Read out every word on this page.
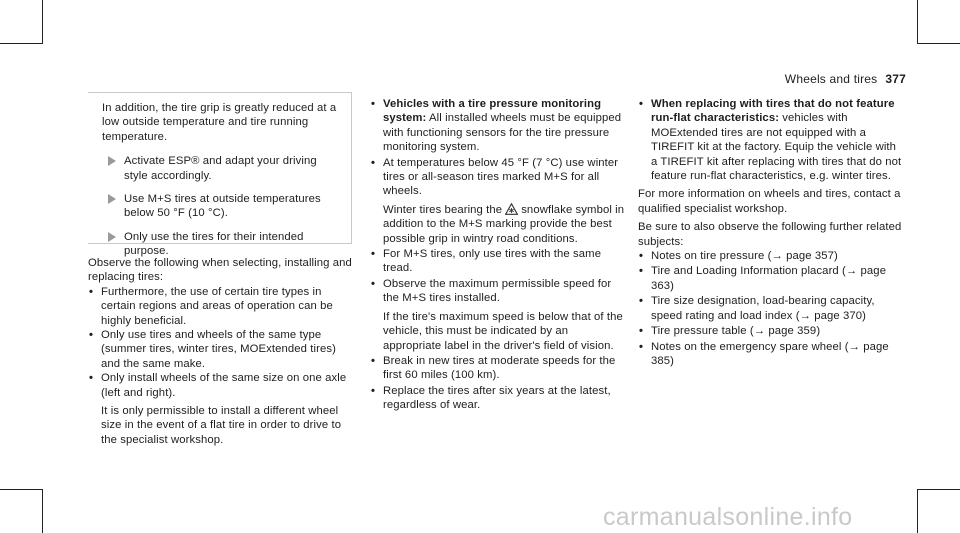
Wheels and tires 377

In addition, the tire grip is greatly reduced at a low outside temperature and tire running temperature.

Activate ESP® and adapt your driving style accordingly.
Use M+S tires at outside temperatures below 50 °F (10 °C).
Only use the tires for their intended purpose.

Observe the following when selecting, installing and replacing tires:

• Furthermore, the use of certain tire types in certain regions and areas of operation can be highly beneficial.
• Only use tires and wheels of the same type (summer tires, winter tires, MOExtended tires) and the same make.
• Only install wheels of the same size on one axle (left and right).
It is only permissible to install a different wheel size in the event of a flat tire in order to drive to the specialist workshop.
• Vehicles with a tire pressure monitoring system: All installed wheels must be equipped with functioning sensors for the tire pressure monitoring system.
• At temperatures below 45 °F (7 °C) use winter tires or all-season tires marked M+S for all wheels.
Winter tires bearing the snowflake symbol in addition to the M+S marking provide the best possible grip in wintry road conditions.
• For M+S tires, only use tires with the same tread.
• Observe the maximum permissible speed for the M+S tires installed.
If the tire's maximum speed is below that of the vehicle, this must be indicated by an appropriate label in the driver's field of vision.
• Break in new tires at moderate speeds for the first 60 miles (100 km).
• Replace the tires after six years at the latest, regardless of wear.
• When replacing with tires that do not feature run-flat characteristics: vehicles with MOExtended tires are not equipped with a TIREFIT kit at the factory. Equip the vehicle with a TIREFIT kit after replacing with tires that do not feature run-flat characteristics, e.g. winter tires.

For more information on wheels and tires, contact a qualified specialist workshop.

Be sure to also observe the following further related subjects:

• Notes on tire pressure (→ page 357)
• Tire and Loading Information placard (→ page 363)
• Tire size designation, load-bearing capacity, speed rating and load index (→ page 370)
• Tire pressure table (→ page 359)
• Notes on the emergency spare wheel (→ page 385)
carmanualsonline.info
